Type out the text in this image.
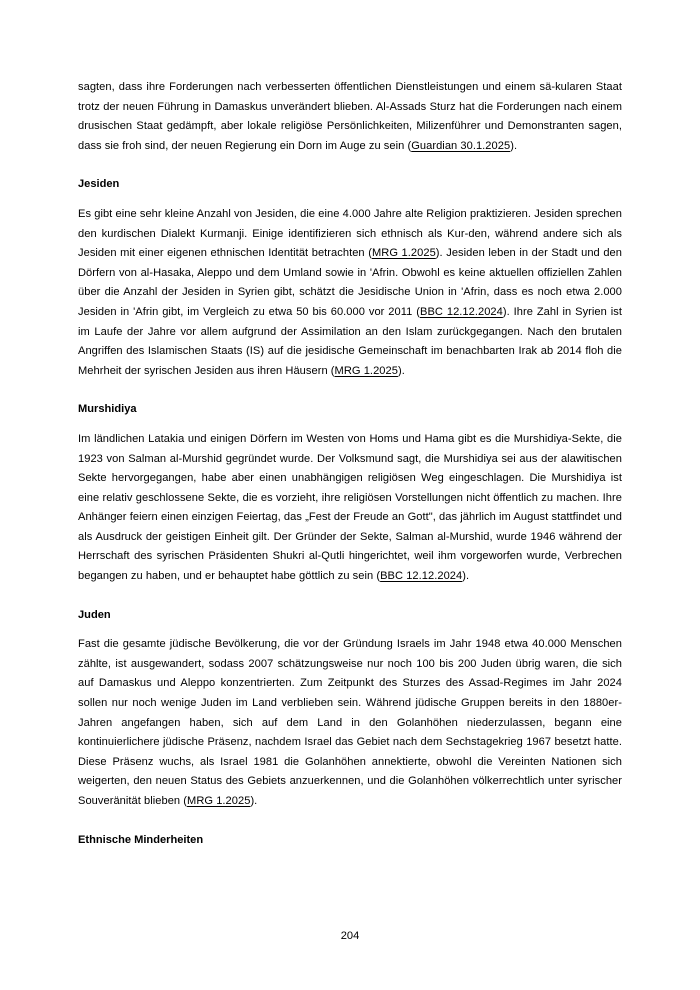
sagten, dass ihre Forderungen nach verbesserten öffentlichen Dienstleistungen und einem sä-kularen Staat trotz der neuen Führung in Damaskus unverändert blieben. Al-Assads Sturz hat die Forderungen nach einem drusischen Staat gedämpft, aber lokale religiöse Persönlichkeiten, Milizenführer und Demonstranten sagen, dass sie froh sind, der neuen Regierung ein Dorn im Auge zu sein (Guardian 30.1.2025).

Jesiden

Es gibt eine sehr kleine Anzahl von Jesiden, die eine 4.000 Jahre alte Religion praktizieren. Jesiden sprechen den kurdischen Dialekt Kurmanji. Einige identifizieren sich ethnisch als Kur-den, während andere sich als Jesiden mit einer eigenen ethnischen Identität betrachten (MRG 1.2025). Jesiden leben in der Stadt und den Dörfern von al-Hasaka, Aleppo und dem Umland sowie in 'Afrin. Obwohl es keine aktuellen offiziellen Zahlen über die Anzahl der Jesiden in Syrien gibt, schätzt die Jesidische Union in 'Afrin, dass es noch etwa 2.000 Jesiden in 'Afrin gibt, im Vergleich zu etwa 50 bis 60.000 vor 2011 (BBC 12.12.2024). Ihre Zahl in Syrien ist im Laufe der Jahre vor allem aufgrund der Assimilation an den Islam zurückgegangen. Nach den brutalen Angriffen des Islamischen Staats (IS) auf die jesidische Gemeinschaft im benachbarten Irak ab 2014 floh die Mehrheit der syrischen Jesiden aus ihren Häusern (MRG 1.2025).

Murshidiya

Im ländlichen Latakia und einigen Dörfern im Westen von Homs und Hama gibt es die Murshidiya-Sekte, die 1923 von Salman al-Murshid gegründet wurde. Der Volksmund sagt, die Murshidiya sei aus der alawitischen Sekte hervorgegangen, habe aber einen unabhängigen religiösen Weg eingeschlagen. Die Murshidiya ist eine relativ geschlossene Sekte, die es vorzieht, ihre religiösen Vorstellungen nicht öffentlich zu machen. Ihre Anhänger feiern einen einzigen Feiertag, das „Fest der Freude an Gott", das jährlich im August stattfindet und als Ausdruck der geistigen Einheit gilt. Der Gründer der Sekte, Salman al-Murshid, wurde 1946 während der Herrschaft des syrischen Präsidenten Shukri al-Qutli hingerichtet, weil ihm vorgeworfen wurde, Verbrechen begangen zu haben, und er behauptet habe göttlich zu sein (BBC 12.12.2024).

Juden

Fast die gesamte jüdische Bevölkerung, die vor der Gründung Israels im Jahr 1948 etwa 40.000 Menschen zählte, ist ausgewandert, sodass 2007 schätzungsweise nur noch 100 bis 200 Juden übrig waren, die sich auf Damaskus und Aleppo konzentrierten. Zum Zeitpunkt des Sturzes des Assad-Regimes im Jahr 2024 sollen nur noch wenige Juden im Land verblieben sein. Während jüdische Gruppen bereits in den 1880er-Jahren angefangen haben, sich auf dem Land in den Golanhöhen niederzulassen, begann eine kontinuierlichere jüdische Präsenz, nachdem Israel das Gebiet nach dem Sechstagekrieg 1967 besetzt hatte. Diese Präsenz wuchs, als Israel 1981 die Golanhöhen annektierte, obwohl die Vereinten Nationen sich weigerten, den neuen Status des Gebiets anzuerkennen, und die Golanhöhen völkerrechtlich unter syrischer Souveränität blieben (MRG 1.2025).

Ethnische Minderheiten
204
